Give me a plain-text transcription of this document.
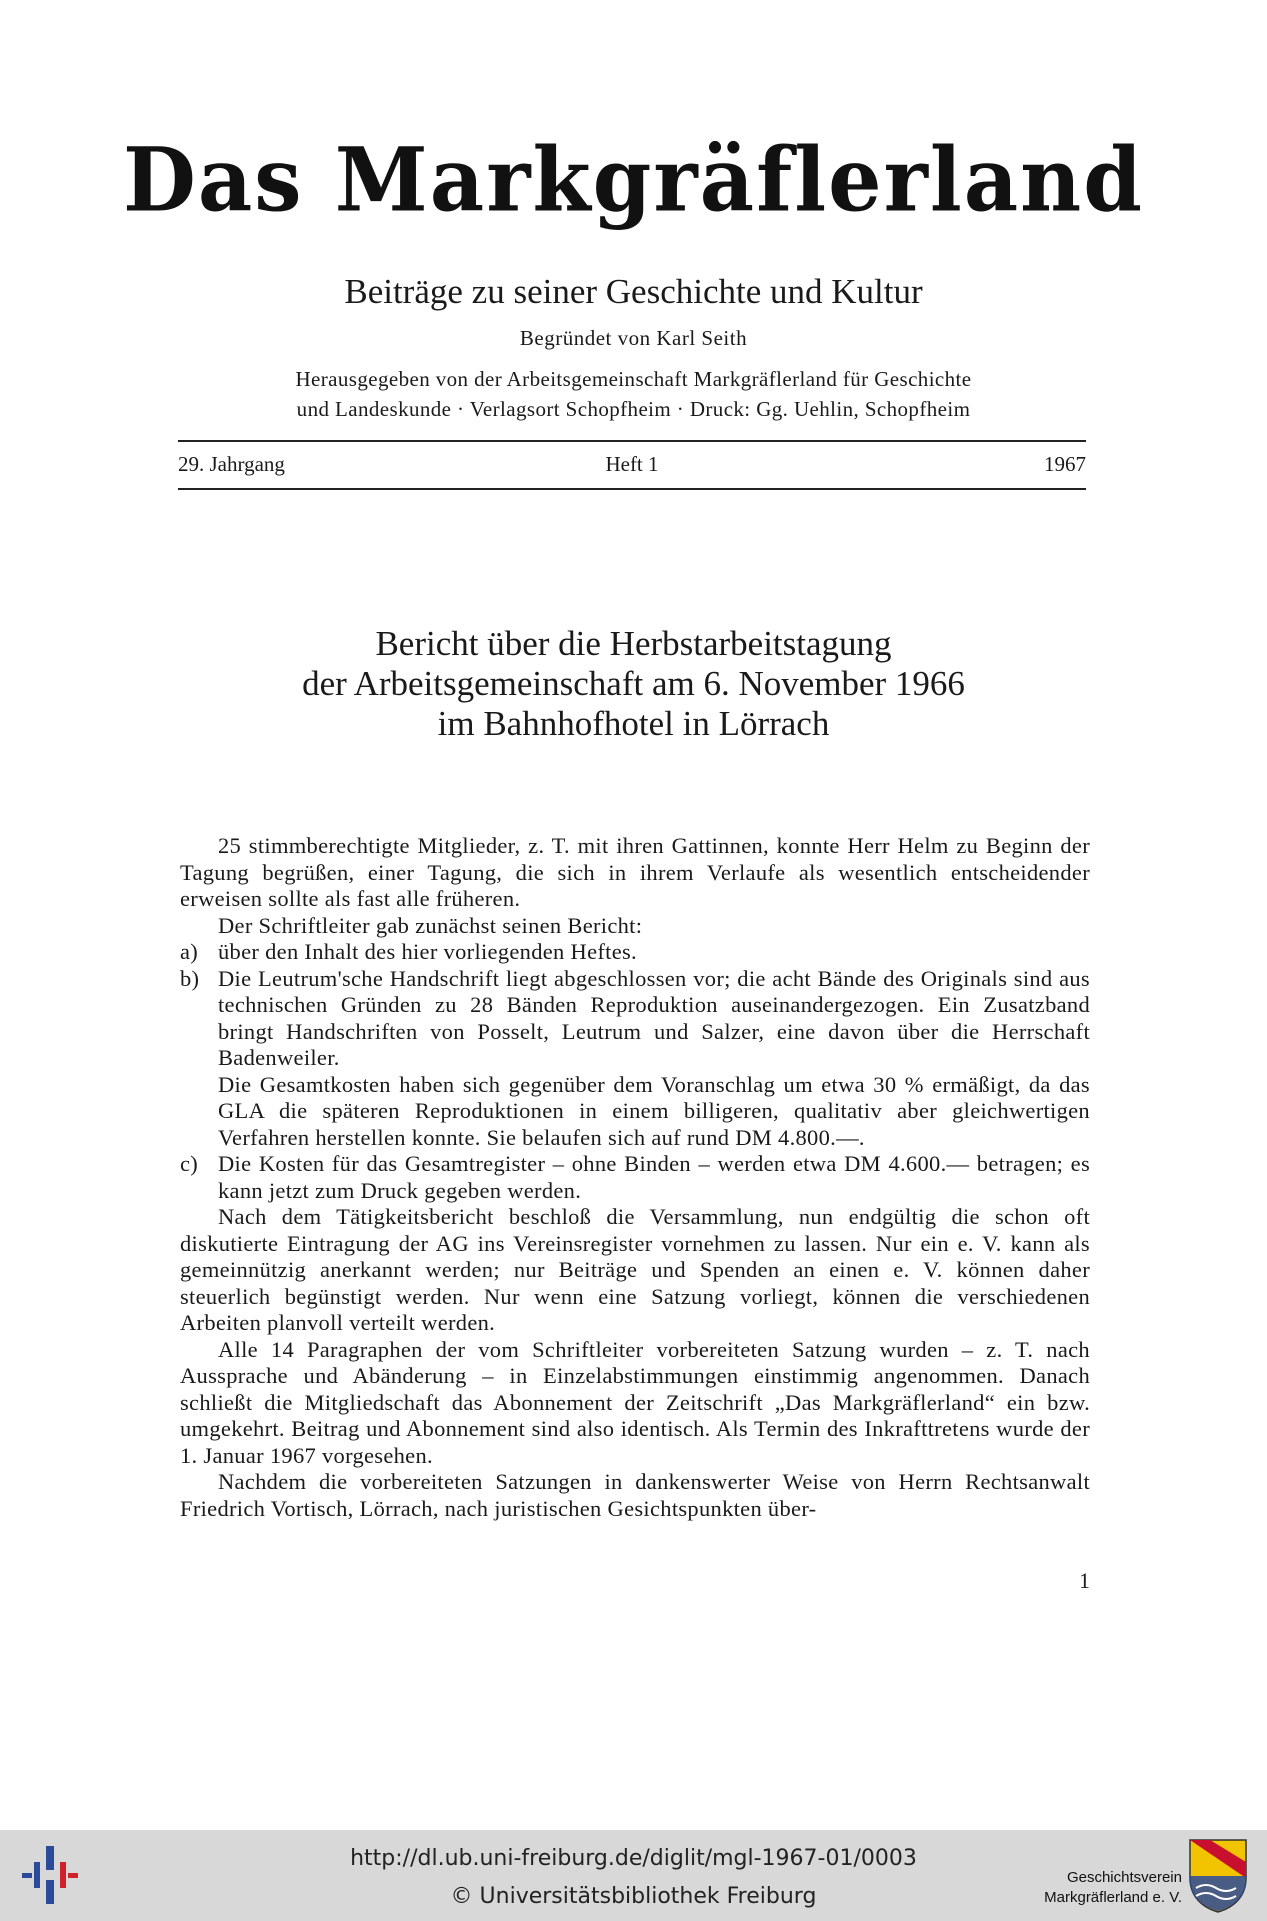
Das Markgräflerland
Beiträge zu seiner Geschichte und Kultur
Begründet von Karl Seith
Herausgegeben von der Arbeitsgemeinschaft Markgräflerland für Geschichte
und Landeskunde · Verlagsort Schopfheim · Druck: Gg. Uehlin, Schopfheim
29. Jahrgang	Heft 1	1967
Bericht über die Herbstarbeitstagung
der Arbeitsgemeinschaft am 6. November 1966
im Bahnhofhotel in Lörrach

25 stimmberechtigte Mitglieder, z. T. mit ihren Gattinnen, konnte Herr Helm zu Beginn der Tagung begrüßen, einer Tagung, die sich in ihrem Verlaufe als wesentlich entscheidender erweisen sollte als fast alle früheren.

Der Schriftleiter gab zunächst seinen Bericht:

a) über den Inhalt des hier vorliegenden Heftes.

b) Die Leutrum'sche Handschrift liegt abgeschlossen vor; die acht Bände des Originals sind aus technischen Gründen zu 28 Bänden Reproduktion auseinandergezogen. Ein Zusatzband bringt Handschriften von Posselt, Leutrum und Salzer, eine davon über die Herrschaft Badenweiler.

Die Gesamtkosten haben sich gegenüber dem Voranschlag um etwa 30 % ermäßigt, da das GLA die späteren Reproduktionen in einem billigeren, qualitativ aber gleichwertigen Verfahren herstellen konnte. Sie belaufen sich auf rund DM 4.800.—.

c) Die Kosten für das Gesamtregister – ohne Binden – werden etwa DM 4.600.— betragen; es kann jetzt zum Druck gegeben werden.

Nach dem Tätigkeitsbericht beschloß die Versammlung, nun endgültig die schon oft diskutierte Eintragung der AG ins Vereinsregister vornehmen zu lassen. Nur ein e. V. kann als gemeinnützig anerkannt werden; nur Beiträge und Spenden an einen e. V. können daher steuerlich begünstigt werden. Nur wenn eine Satzung vorliegt, können die verschiedenen Arbeiten planvoll verteilt werden.

Alle 14 Paragraphen der vom Schriftleiter vorbereiteten Satzung wurden – z. T. nach Aussprache und Abänderung – in Einzelabstimmungen einstimmig angenommen. Danach schließt die Mitgliedschaft das Abonnement der Zeitschrift „Das Markgräflerland“ ein bzw. umgekehrt. Beitrag und Abonnement sind also identisch. Als Termin des Inkrafttretens wurde der 1. Januar 1967 vorgesehen.

Nachdem die vorbereiteten Satzungen in dankenswerter Weise von Herrn Rechtsanwalt Friedrich Vortisch, Lörrach, nach juristischen Gesichtspunkten über-

1
http://dl.ub.uni-freiburg.de/diglit/mgl-1967-01/0003
© Universitätsbibliothek Freiburg
Geschichtsverein
Markgräflerland e. V.
